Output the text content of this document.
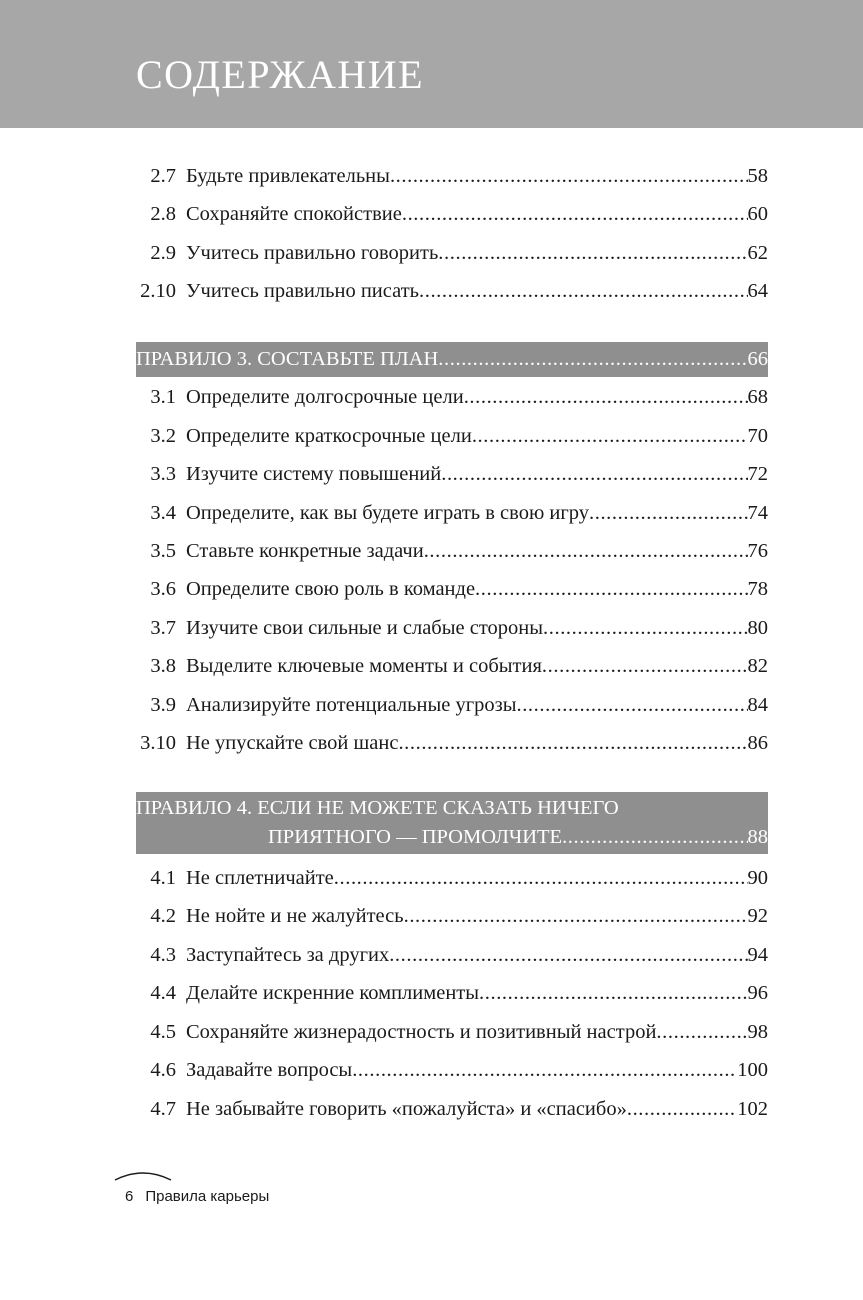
СОДЕРЖАНИЕ
2.7 Будьте привлекательны .....	58
2.8 Сохраняйте спокойствие .....	60
2.9 Учитесь правильно говорить .....	62
2.10 Учитесь правильно писать .....	64
ПРАВИЛО 3. СОСТАВЬТЕ ПЛАН .....	66
3.1 Определите долгосрочные цели .....	68
3.2 Определите краткосрочные цели .....	70
3.3 Изучите систему повышений .....	72
3.4 Определите, как вы будете играть в свою игру .....	74
3.5 Ставьте конкретные задачи .....	76
3.6 Определите свою роль в команде .....	78
3.7 Изучите свои сильные и слабые стороны .....	80
3.8 Выделите ключевые моменты и события .....	82
3.9 Анализируйте потенциальные угрозы .....	84
3.10 Не упускайте свой шанс .....	86
ПРАВИЛО 4. ЕСЛИ НЕ МОЖЕТЕ СКАЗАТЬ НИЧЕГО
ПРИЯТНОГО — ПРОМОЛЧИТЕ .....	88
4.1 Не сплетничайте .....	90
4.2 Не нойте и не жалуйтесь .....	92
4.3 Заступайтесь за других .....	94
4.4 Делайте искренние комплименты .....	96
4.5 Сохраняйте жизнерадостность и позитивный настрой .....	98
4.6 Задавайте вопросы .....	100
4.7 Не забывайте говорить «пожалуйста» и «спасибо» .....	102
6 Правила карьеры
